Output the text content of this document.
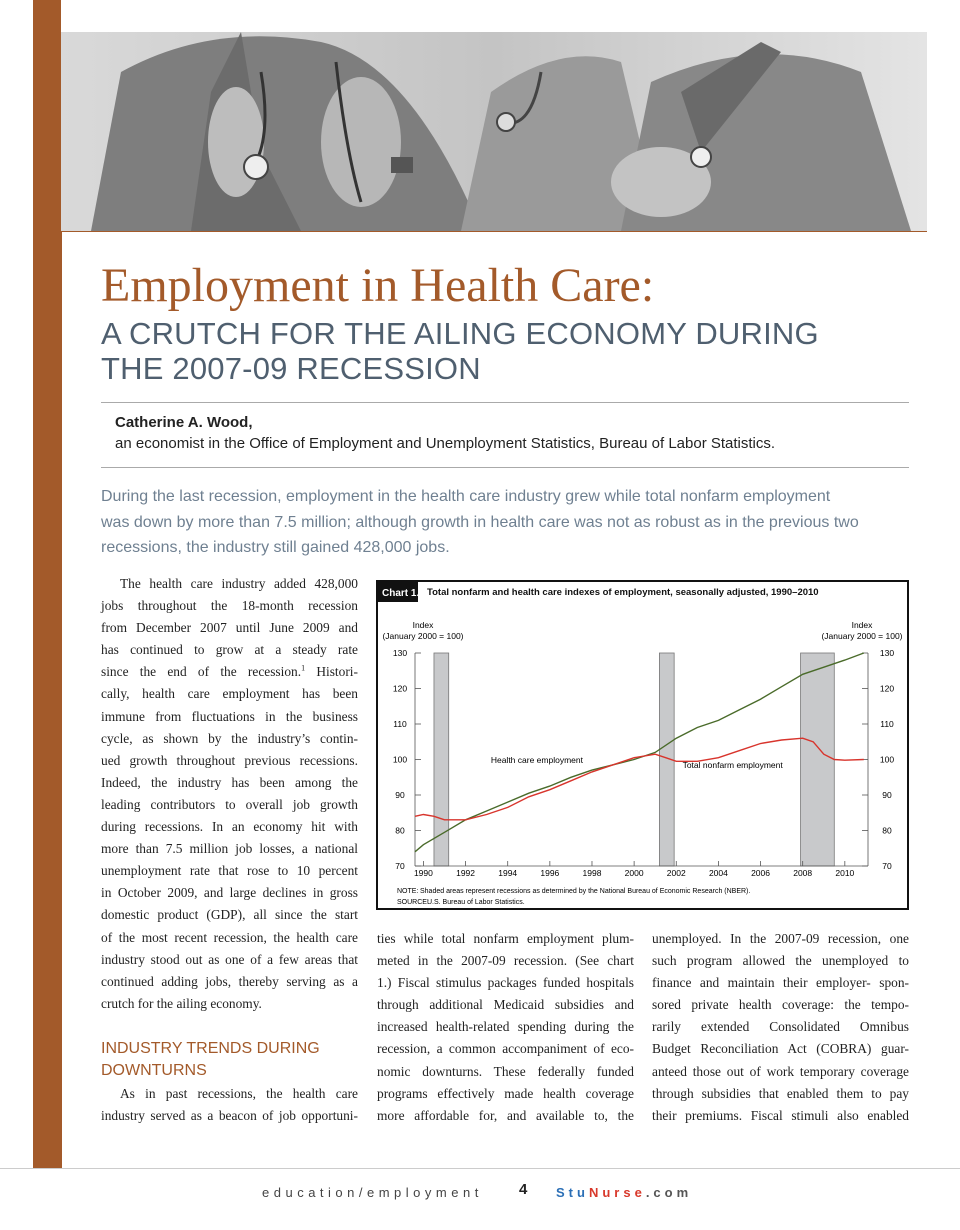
Employment in Health Care:
A CRUTCH FOR THE AILING ECONOMY DURING
THE 2007-09 RECESSION
Catherine A. Wood,
an economist in the Office of Employment and Unemployment Statistics, Bureau of Labor Statistics.

During the last recession, employment in the health care industry grew while total nonfarm employment
was down by more than 7.5 million; although growth in health care was not as robust as in the previous two
recessions, the industry still gained 428,000 jobs.

The health care industry added 428,000
jobs throughout the 18-month recession
from December 2007 until June 2009 and
has continued to grow at a steady rate
since the end of the recession.$^1$ Histori-
cally, health care employment has been
immune from fluctuations in the business
cycle, as shown by the industry’s contin-
ued growth throughout previous recessions.
Indeed, the industry has been among the
leading contributors to overall job growth
during recessions. In an economy hit with
more than 7.5 million job losses, a national
unemployment rate that rose to 10 percent
in October 2009, and large declines in gross
domestic product (GDP), all since the start
of the most recent recession, the health care
industry stood out as one of a few areas that
continued adding jobs, thereby serving as a
crutch for the ailing economy.
INDUSTRY TRENDS DURING
DOWNTURNS
As in past recessions, the health care
industry served as a beacon of job opportuni-
ties while total nonfarm employment plum-
meted in the 2007-09 recession. (See chart
1.) Fiscal stimulus packages funded hospitals
through additional Medicaid subsidies and
increased health-related spending during the
recession, a common accompaniment of eco-
nomic downturns. These federally funded
programs effectively made health coverage
more affordable for, and available to, the
unemployed. In the 2007-09 recession, one
such program allowed the unemployed to
finance and maintain their employer- spon-
sored private health coverage: the tempo-
rarily extended Consolidated Omnibus
Budget Reconciliation Act (COBRA) guar-
anteed those out of work temporary coverage
through subsidies that enabled them to pay
their premiums. Fiscal stimuli also enabled
Chart 1. Total nonfarm and health care indexes of employment, seasonally adjusted, 1990–2010
Index
(January 2000 = 100)
Index
(January 2000 = 100)
70	70
80	80
90	90
100	100
110	110
120	120
130	130
1990	1992	1994	1996	1998	2000	2002	2004	2006	2008	2010
Health care employment	Total nonfarm employment
NOTE: Shaded areas represent recessions as determined by the National Bureau of Economic Research (NBER).
SOURCE:
U.S. Bureau of Labor Statistics.
education/employment 4 StuNurse.com
